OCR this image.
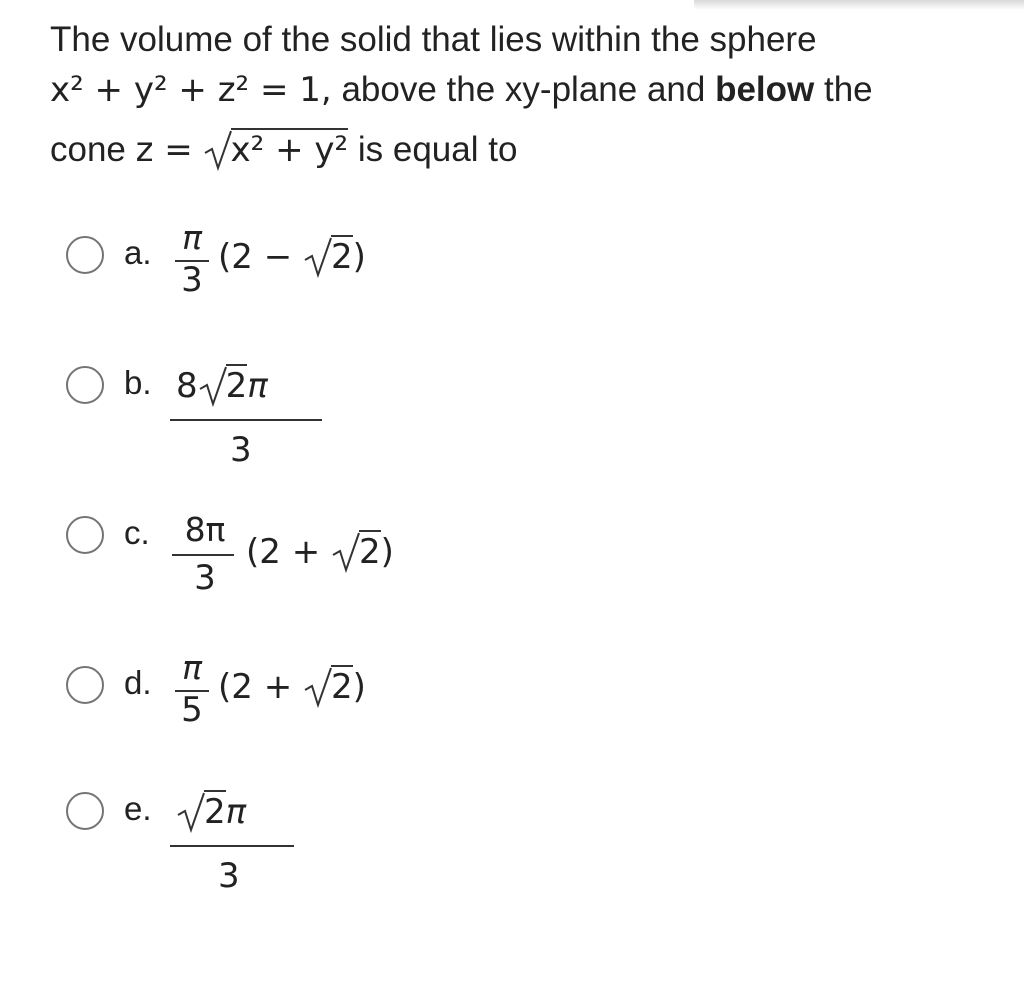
The volume of the solid that lies within the sphere
x² + y² + z² = 1, above the xy-plane and below the
cone z = x² + y² is equal to
a. π
3
(2 −
2)
b. 8 2π
3
c.	8π
3
(2 +
2)
d. π
5
(2 +
2)
e.	2π
3
